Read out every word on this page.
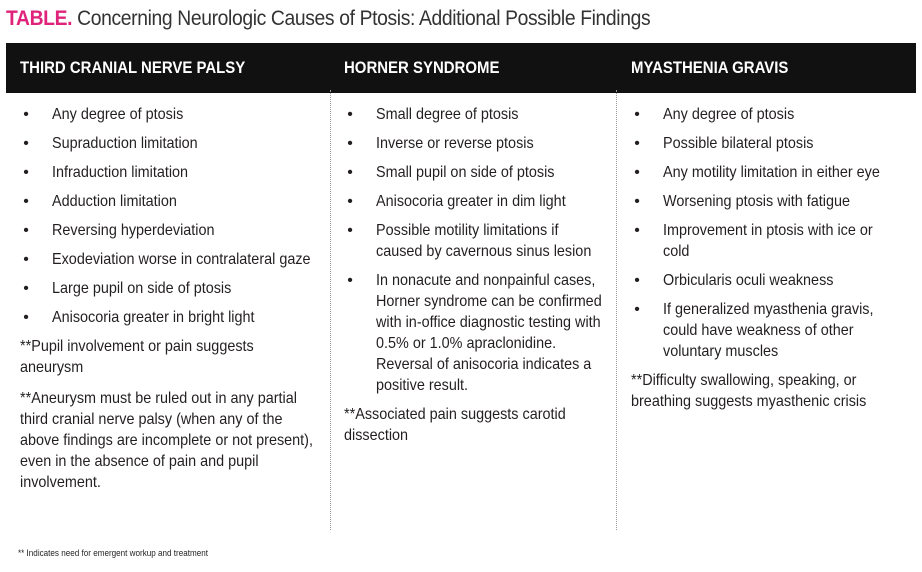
TABLE. Concerning Neurologic Causes of Ptosis: Additional Possible Findings
THIRD CRANIAL NERVE PALSY	HORNER SYNDROME	MYASTHENIA GRAVIS
• Any degree of ptosis
• Supraduction limitation
• Infraduction limitation
• Adduction limitation
• Reversing hyperdeviation
• Exodeviation worse in contralateral gaze
• Large pupil on side of ptosis
• Anisocoria greater in bright light

**Pupil involvement or pain suggests aneurysm

**Aneurysm must be ruled out in any partial third cranial nerve palsy (when any of the above findings are incomplete or not present), even in the absence of pain and pupil involvement.

• Small degree of ptosis
• Inverse or reverse ptosis
• Small pupil on side of ptosis
• Anisocoria greater in dim light
• Possible motility limitations if caused by cavernous sinus lesion
• In nonacute and nonpainful cases, Horner syndrome can be confirmed with in-office diagnostic testing with 0.5% or 1.0% apraclonidine. Reversal of anisocoria indicates a positive result.

**Associated pain suggests carotid dissection

• Any degree of ptosis
• Possible bilateral ptosis
• Any motility limitation in either eye
• Worsening ptosis with fatigue
• Improvement in ptosis with ice or cold
• Orbicularis oculi weakness
• If generalized myasthenia gravis, could have weakness of other voluntary muscles

**Difficulty swallowing, speaking, or breathing suggests myasthenic crisis

** Indicates need for emergent workup and treatment
